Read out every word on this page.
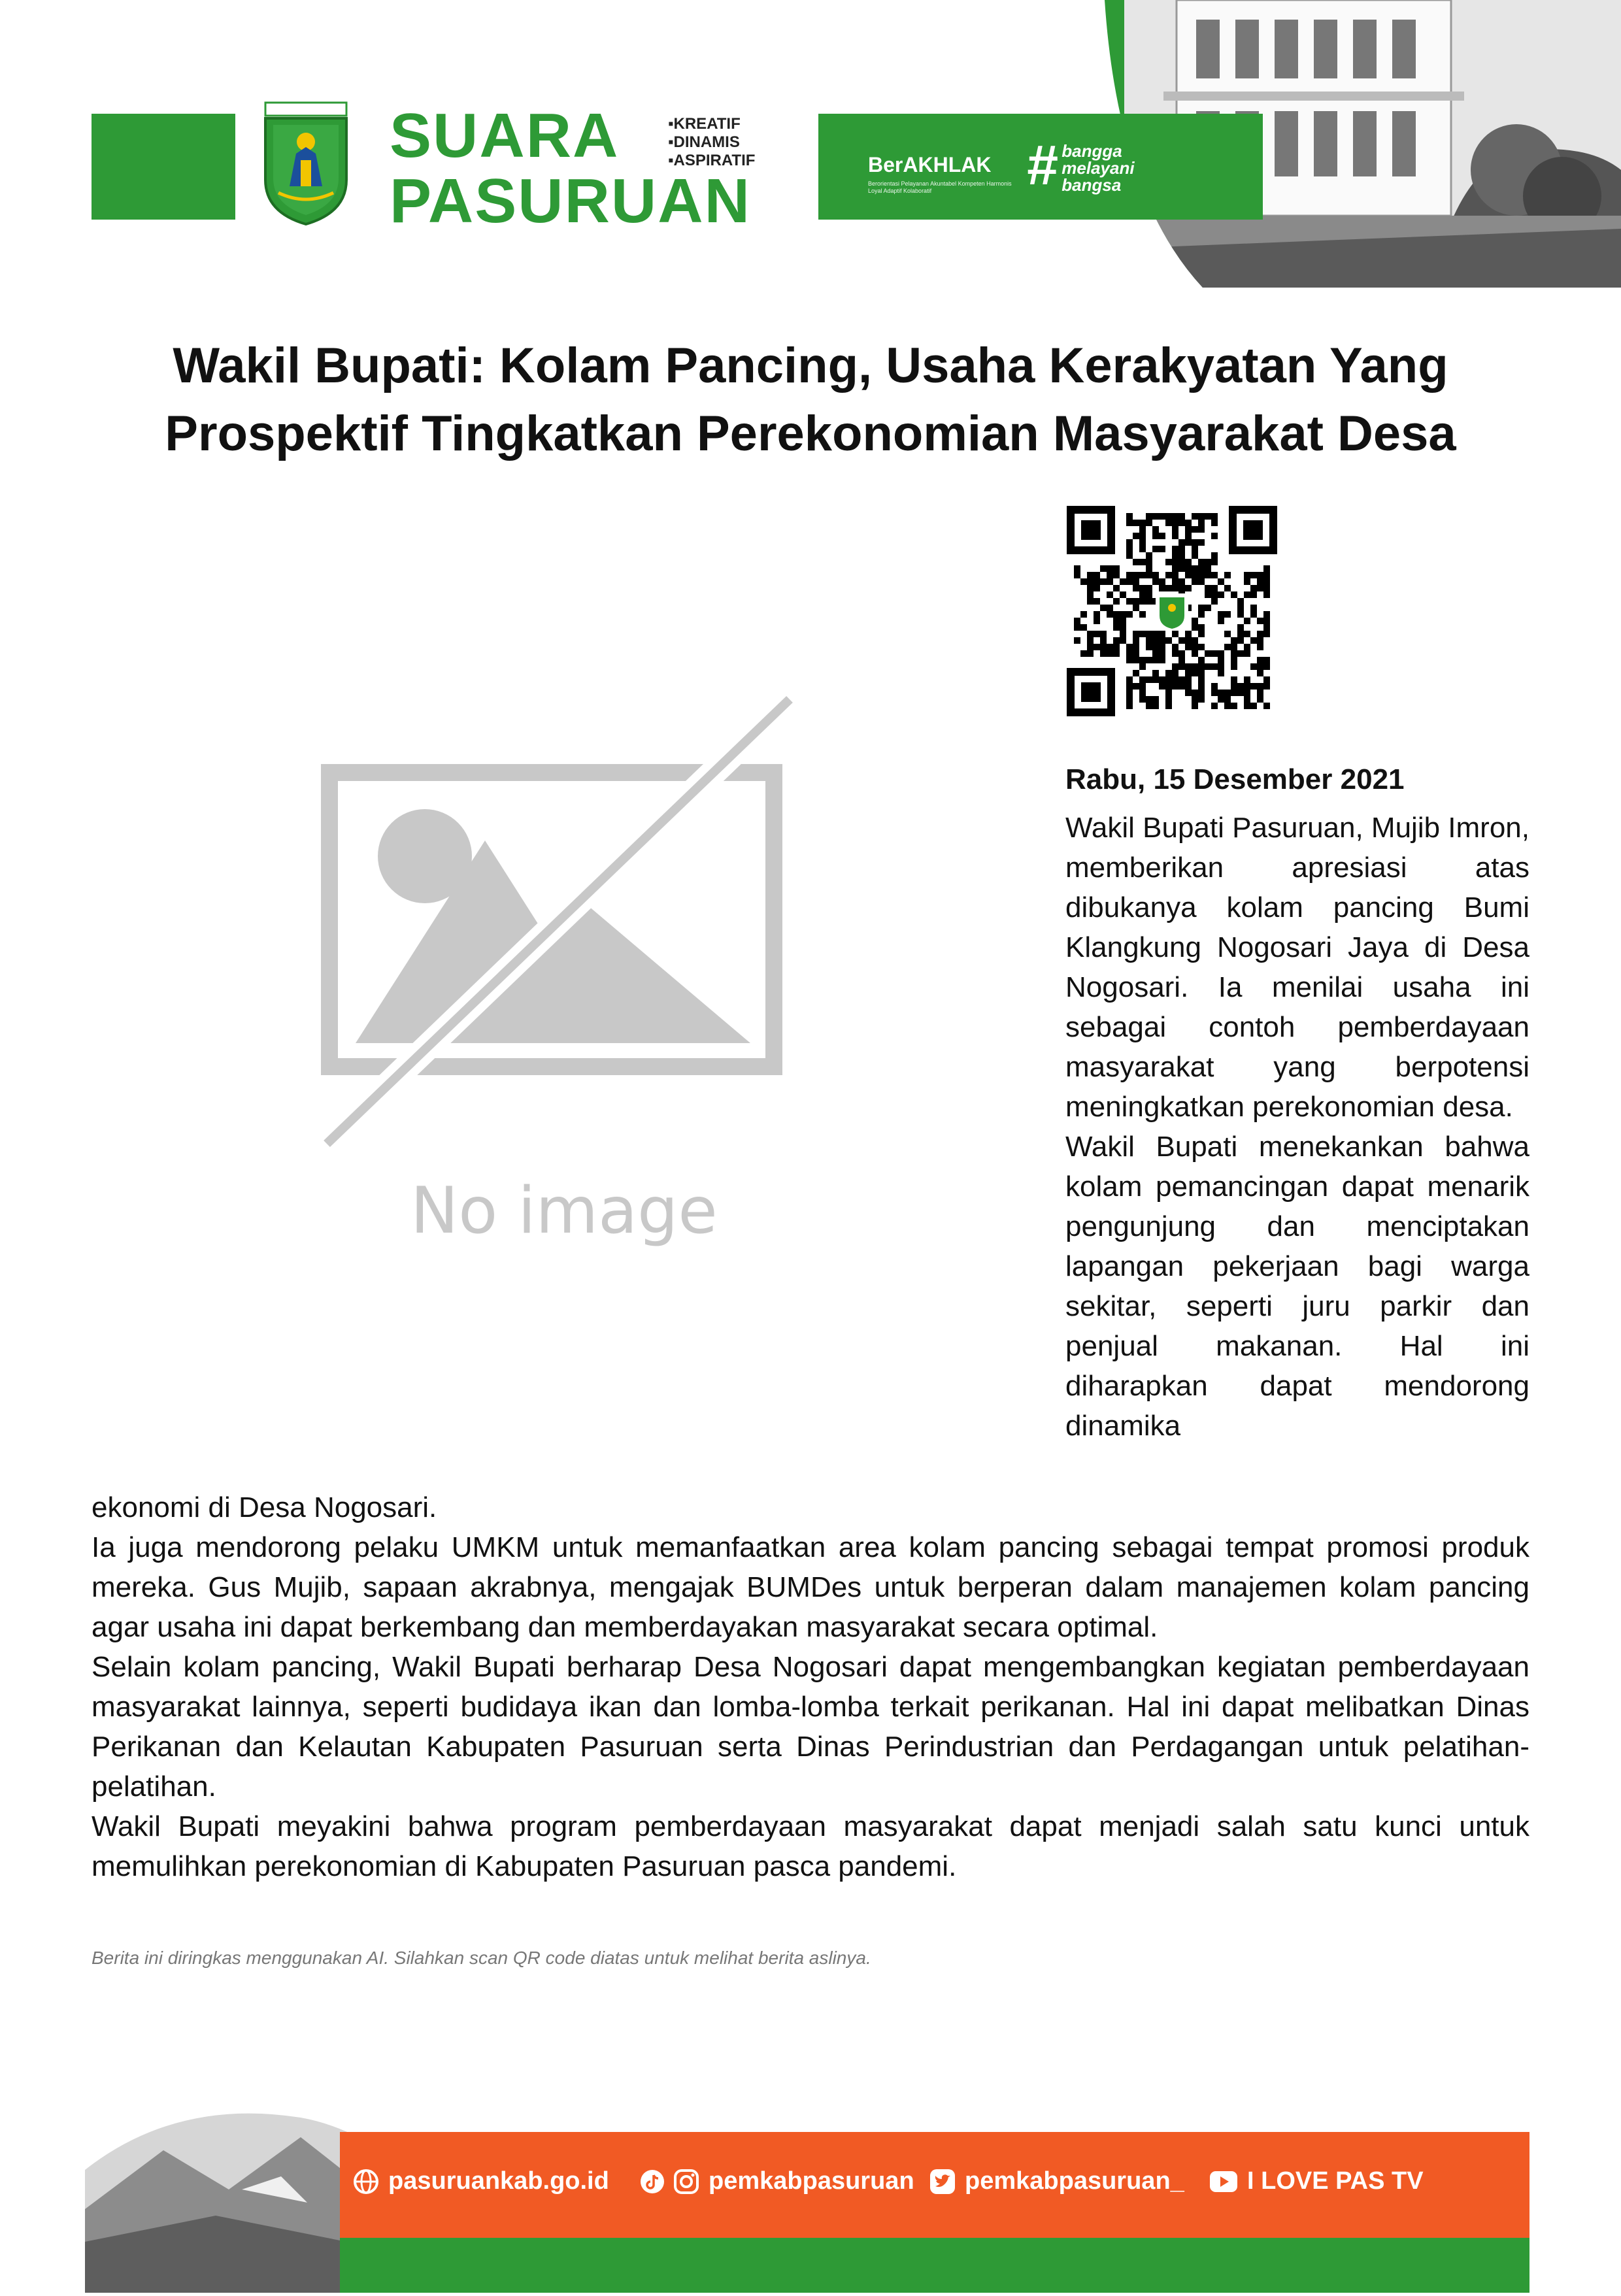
SUARA
PASURUAN
▪ KREATIF
▪ DINAMIS
▪ ASPIRATIF	BerAKHLAK
Berorientasi Pelayanan Akuntabel Kompeten Harmonis Loyal Adaptif Kolaboratif	# bangga
melayani
bangsa
Wakil Bupati: Kolam Pancing, Usaha Kerakyatan Yang
Prospektif Tingkatkan Perekonomian Masyarakat Desa
No image
Rabu, 15 Desember 2021

Wakil Bupati Pasuruan, Mujib Imron, memberikan apresiasi atas dibukanya kolam pancing Bumi Klangkung Nogosari Jaya di Desa Nogosari. Ia menilai usaha ini sebagai contoh pemberdayaan masyarakat yang berpotensi meningkatkan perekonomian desa.

Wakil Bupati menekankan bahwa kolam pemancingan dapat menarik pengunjung dan menciptakan lapangan pekerjaan bagi warga sekitar, seperti juru parkir dan penjual makanan. Hal ini diharapkan dapat mendorong dinamika

ekonomi di Desa Nogosari.

Ia juga mendorong pelaku UMKM untuk memanfaatkan area kolam pancing sebagai tempat promosi produk mereka. Gus Mujib, sapaan akrabnya, mengajak BUMDes untuk berperan dalam manajemen kolam pancing agar usaha ini dapat berkembang dan memberdayakan masyarakat secara optimal.

Selain kolam pancing, Wakil Bupati berharap Desa Nogosari dapat mengembangkan kegiatan pemberdayaan masyarakat lainnya, seperti budidaya ikan dan lomba-lomba terkait perikanan. Hal ini dapat melibatkan Dinas Perikanan dan Kelautan Kabupaten Pasuruan serta Dinas Perindustrian dan Perdagangan untuk pelatihan-pelatihan.

Wakil Bupati meyakini bahwa program pemberdayaan masyarakat dapat menjadi salah satu kunci untuk memulihkan perekonomian di Kabupaten Pasuruan pasca pandemi.

Berita ini diringkas menggunakan AI. Silahkan scan QR code diatas untuk melihat berita aslinya.
pasuruankab.go.id	pemkabpasuruan pemkabpasuruan_	I LOVE PAS TV
